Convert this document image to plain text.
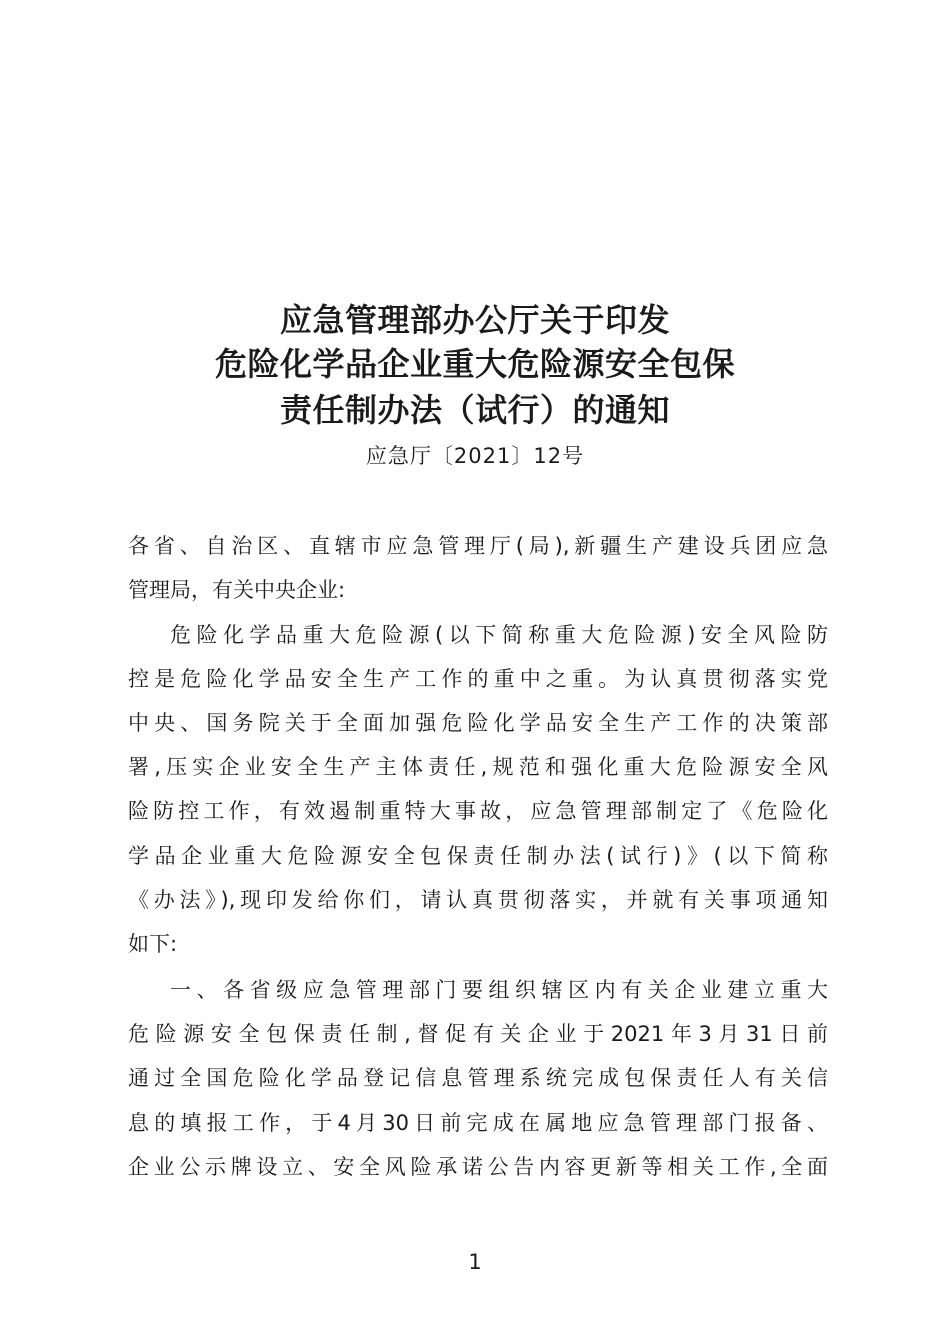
应急管理部办公厅关于印发
危险化学品企业重大危险源安全包保
责任制办法（试行）的通知
应急厅〔2021〕12号
各省、自治区、直辖市应急管理厅(局),新疆生产建设兵团应急
管理局，有关中央企业:
危险化学品重大危险源(以下简称重大危险源)安全风险防
控是危险化学品安全生产工作的重中之重。为认真贯彻落实党
中央、国务院关于全面加强危险化学品安全生产工作的决策部
署,压实企业安全生产主体责任,规范和强化重大危险源安全风
险防控工作，有效遏制重特大事故，应急管理部制定了《危险化
学品企业重大危险源安全包保责任制办法(试行)》(以下简称
《办法》),现印发给你们，请认真贯彻落实，并就有关事项通知
如下:
一、各省级应急管理部门要组织辖区内有关企业建立重大
危险源安全包保责任制,督促有关企业于2021年3月31日前
通过全国危险化学品登记信息管理系统完成包保责任人有关信
息的填报工作，于4月30日前完成在属地应急管理部门报备、
企业公示牌设立、安全风险承诺公告内容更新等相关工作,全面
1
